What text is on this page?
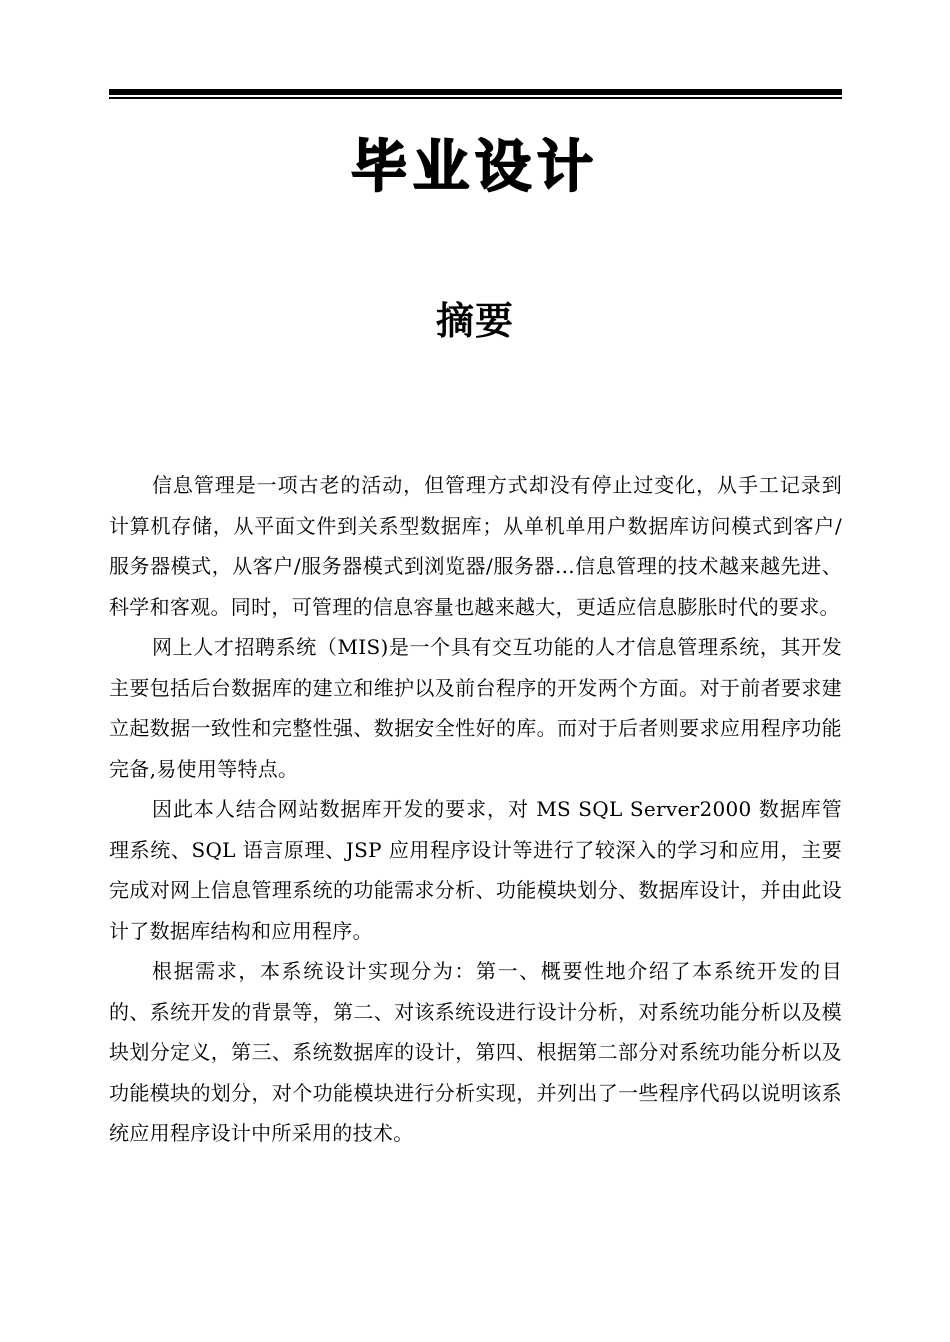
毕业设计
摘要

信息管理是一项古老的活动，但管理方式却没有停止过变化，从手工记录到计算机存储，从平面文件到关系型数据库；从单机单用户数据库访问模式到客户/服务器模式，从客户/服务器模式到浏览器/服务器...信息管理的技术越来越先进、科学和客观。同时，可管理的信息容量也越来越大，更适应信息膨胀时代的要求。

网上人才招聘系统（MIS)是一个具有交互功能的人才信息管理系统，其开发主要包括后台数据库的建立和维护以及前台程序的开发两个方面。对于前者要求建立起数据一致性和完整性强、数据安全性好的库。而对于后者则要求应用程序功能完备,易使用等特点。

因此本人结合网站数据库开发的要求，对 MS SQL Server2000 数据库管理系统、SQL 语言原理、JSP 应用程序设计等进行了较深入的学习和应用，主要完成对网上信息管理系统的功能需求分析、功能模块划分、数据库设计，并由此设计了数据库结构和应用程序。

根据需求，本系统设计实现分为：第一、概要性地介绍了本系统开发的目的、系统开发的背景等，第二、对该系统设进行设计分析，对系统功能分析以及模块划分定义，第三、系统数据库的设计，第四、根据第二部分对系统功能分析以及功能模块的划分，对个功能模块进行分析实现，并列出了一些程序代码以说明该系统应用程序设计中所采用的技术。
